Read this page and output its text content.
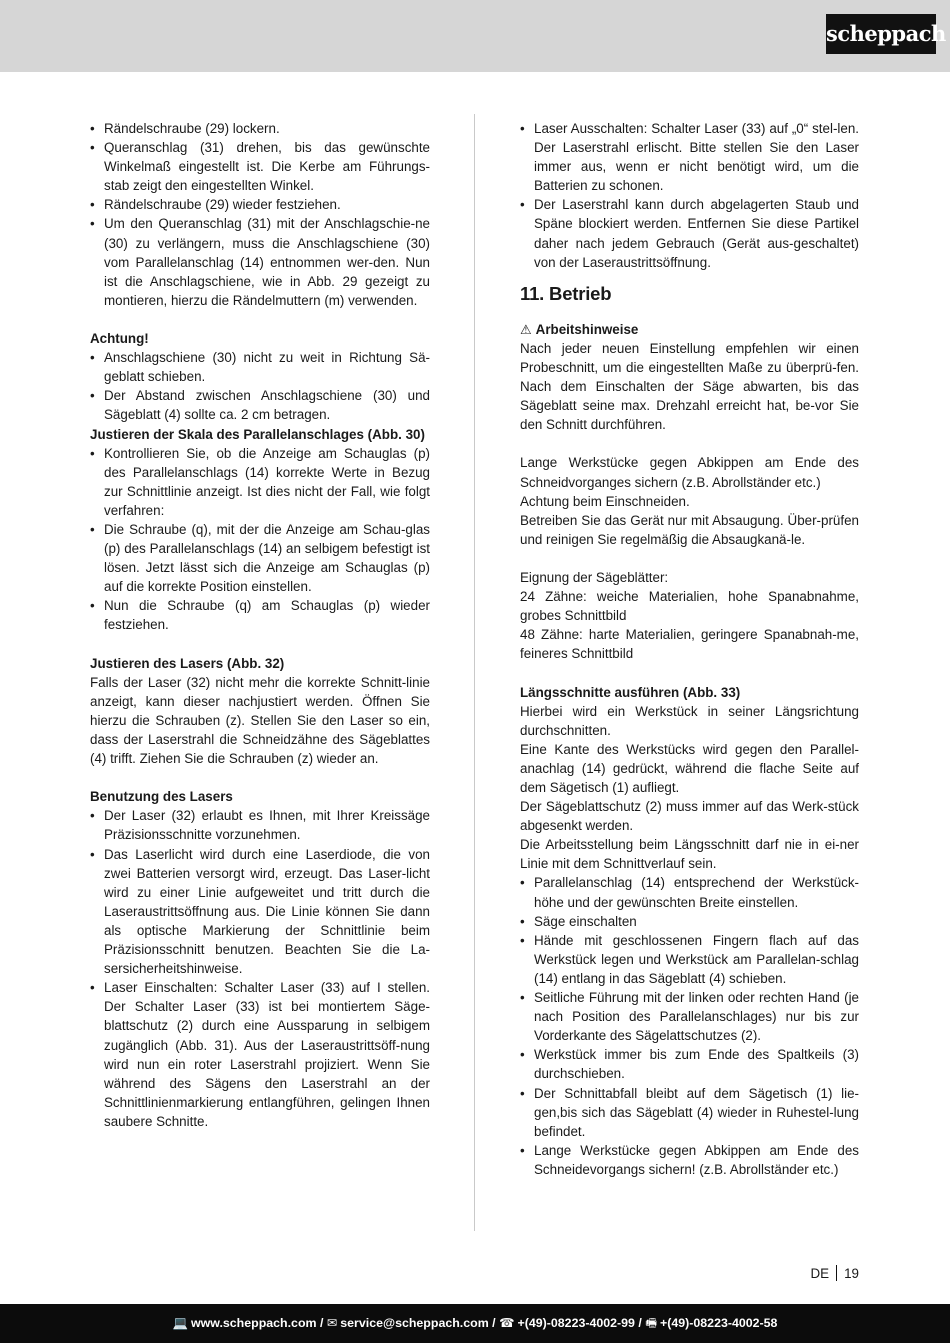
scheppach
• Rändelschraube (29) lockern.
• Queranschlag (31) drehen, bis das gewünschte Winkelmaß eingestellt ist. Die Kerbe am Führungs-stab zeigt den eingestellten Winkel.
• Rändelschraube (29) wieder festziehen.
• Um den Queranschlag (31) mit der Anschlagschie-ne (30) zu verlängern, muss die Anschlagschiene (30) vom Parallelanschlag (14) entnommen wer-den. Nun ist die Anschlagschiene, wie in Abb. 29 gezeigt zu montieren, hierzu die Rändelmuttern (m) verwenden.

Achtung!

• Anschlagschiene (30) nicht zu weit in Richtung Sä-geblatt schieben.
• Der Abstand zwischen Anschlagschiene (30) und Sägeblatt (4) sollte ca. 2 cm betragen.

Justieren der Skala des Parallelanschlages (Abb. 30)

• Kontrollieren Sie, ob die Anzeige am Schauglas (p) des Parallelanschlags (14) korrekte Werte in Bezug zur Schnittlinie anzeigt. Ist dies nicht der Fall, wie folgt verfahren:
• Die Schraube (q), mit der die Anzeige am Schau-glas (p) des Parallelanschlags (14) an selbigem befestigt ist lösen. Jetzt lässt sich die Anzeige am Schauglas (p) auf die korrekte Position einstellen.
• Nun die Schraube (q) am Schauglas (p) wieder festziehen.

Justieren des Lasers (Abb. 32)

Falls der Laser (32) nicht mehr die korrekte Schnitt-linie anzeigt, kann dieser nachjustiert werden. Öffnen Sie hierzu die Schrauben (z). Stellen Sie den Laser so ein, dass der Laserstrahl die Schneidzähne des Sägeblattes (4) trifft. Ziehen Sie die Schrauben (z) wieder an.

Benutzung des Lasers

• Der Laser (32) erlaubt es Ihnen, mit Ihrer Kreissäge Präzisionsschnitte vorzunehmen.
• Das Laserlicht wird durch eine Laserdiode, die von zwei Batterien versorgt wird, erzeugt. Das Laser-licht wird zu einer Linie aufgeweitet und tritt durch die Laseraustrittsöffnung aus. Die Linie können Sie dann als optische Markierung der Schnittlinie beim Präzisionsschnitt benutzen. Beachten Sie die La-sersicherheitshinweise.
• Laser Einschalten: Schalter Laser (33) auf I stellen. Der Schalter Laser (33) ist bei montiertem Säge-blattschutz (2) durch eine Aussparung in selbigem zugänglich (Abb. 31). Aus der Laseraustrittsöff-nung wird nun ein roter Laserstrahl projiziert. Wenn Sie während des Sägens den Laserstrahl an der Schnittlinienmarkierung entlangführen, gelingen Ihnen saubere Schnitte.
• Laser Ausschalten: Schalter Laser (33) auf „0“ stel-len. Der Laserstrahl erlischt. Bitte stellen Sie den Laser immer aus, wenn er nicht benötigt wird, um die Batterien zu schonen.
• Der Laserstrahl kann durch abgelagerten Staub und Späne blockiert werden. Entfernen Sie diese Partikel daher nach jedem Gebrauch (Gerät aus-geschaltet) von der Laseraustrittsöffnung.
11. Betrieb

⚠ Arbeitshinweise

Nach jeder neuen Einstellung empfehlen wir einen Probeschnitt, um die eingestellten Maße zu überprü-fen. Nach dem Einschalten der Säge abwarten, bis das Sägeblatt seine max. Drehzahl erreicht hat, be-vor Sie den Schnitt durchführen.

Lange Werkstücke gegen Abkippen am Ende des Schneidvorganges sichern (z.B. Abrollständer etc.)

Achtung beim Einschneiden.

Betreiben Sie das Gerät nur mit Absaugung. Über-prüfen und reinigen Sie regelmäßig die Absaugkanä-le.

Eignung der Sägeblätter:

24 Zähne: weiche Materialien, hohe Spanabnahme, grobes Schnittbild

48 Zähne: harte Materialien, geringere Spanabnah-me, feineres Schnittbild

Längsschnitte ausführen (Abb. 33)

Hierbei wird ein Werkstück in seiner Längsrichtung durchschnitten.

Eine Kante des Werkstücks wird gegen den Parallel-anachlag (14) gedrückt, während die flache Seite auf dem Sägetisch (1) aufliegt.

Der Sägeblattschutz (2) muss immer auf das Werk-stück abgesenkt werden.

Die Arbeitsstellung beim Längsschnitt darf nie in ei-ner Linie mit dem Schnittverlauf sein.

• Parallelanschlag (14) entsprechend der Werkstück-höhe und der gewünschten Breite einstellen.
• Säge einschalten
• Hände mit geschlossenen Fingern flach auf das Werkstück legen und Werkstück am Parallelan-schlag (14) entlang in das Sägeblatt (4) schieben.
• Seitliche Führung mit der linken oder rechten Hand (je nach Position des Parallelanschlages) nur bis zur Vorderkante des Sägelattschutzes (2).
• Werkstück immer bis zum Ende des Spaltkeils (3) durchschieben.
• Der Schnittabfall bleibt auf dem Sägetisch (1) lie-gen,bis sich das Sägeblatt (4) wieder in Ruhestel-lung befindet.
• Lange Werkstücke gegen Abkippen am Ende des Schneidevorgangs sichern! (z.B. Abrollständer etc.)
DE 19
💻 www.scheppach.com / ✉ service@scheppach.com / ☎ +(49)-08223-4002-99 / 🖷 +(49)-08223-4002-58
